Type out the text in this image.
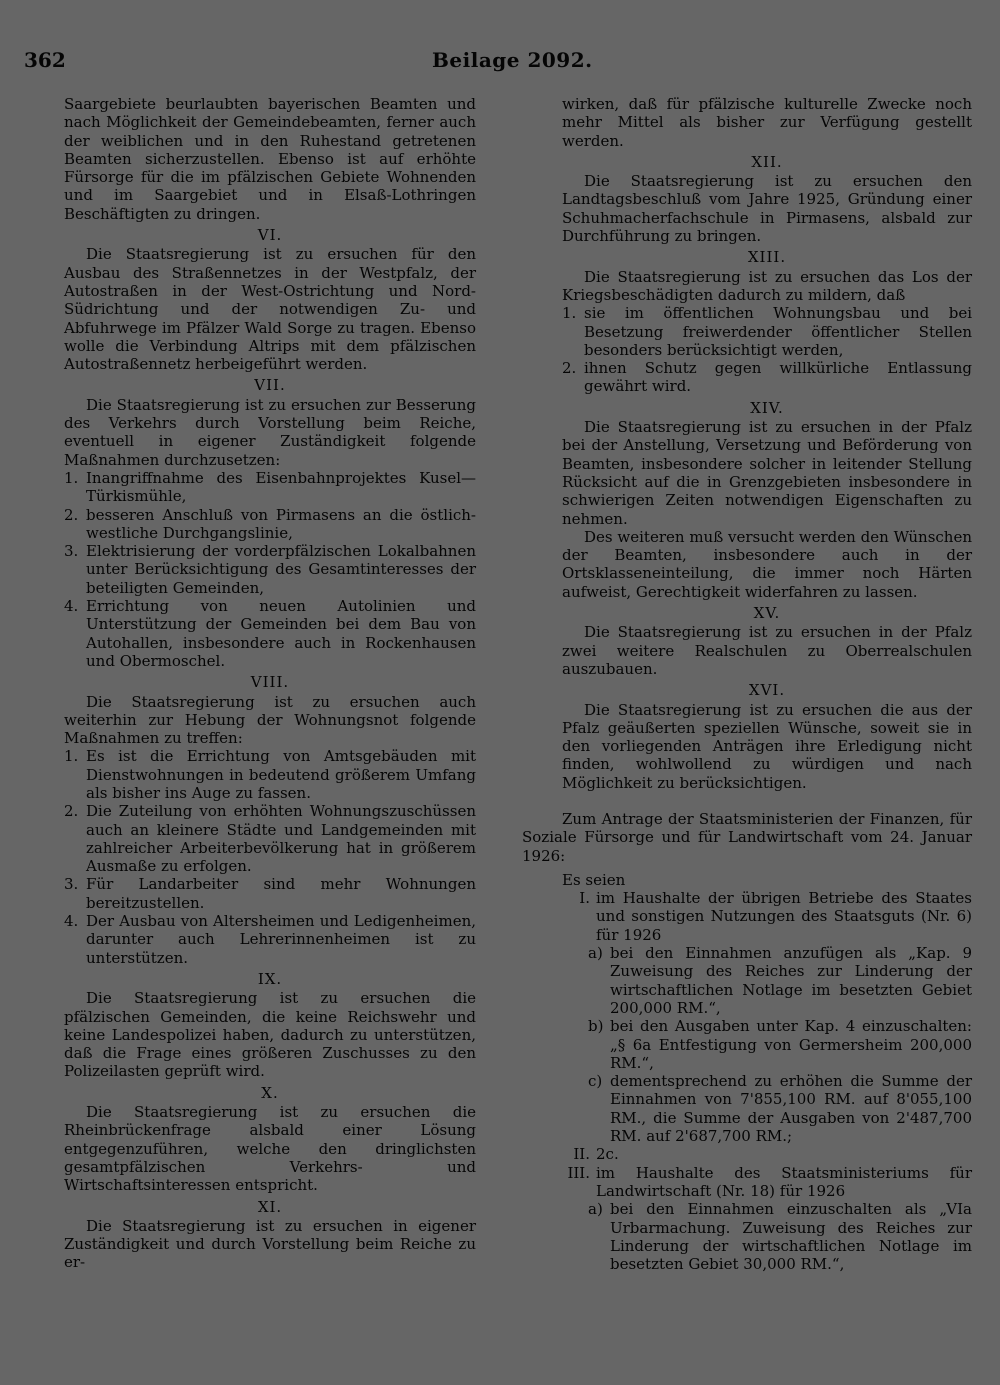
362	Beilage 2092.

Saargebiete beurlaubten bayerischen Beamten und nach Möglichkeit der Gemeindebeamten, ferner auch der weiblichen und in den Ruhestand getretenen Beamten sicherzustellen. Ebenso ist auf erhöhte Fürsorge für die im pfälzischen Gebiete Wohnenden und im Saargebiet und in Elsaß-Lothringen Beschäftigten zu dringen.

VI.

Die Staatsregierung ist zu ersuchen für den Ausbau des Straßennetzes in der Westpfalz, der Autostraßen in der West-Ostrichtung und Nord-Südrichtung und der notwendigen Zu- und Abfuhrwege im Pfälzer Wald Sorge zu tragen. Ebenso wolle die Verbindung Altrips mit dem pfälzischen Autostraßennetz herbeigeführt werden.

VII.

Die Staatsregierung ist zu ersuchen zur Besserung des Verkehrs durch Vorstellung beim Reiche, eventuell in eigener Zuständigkeit folgende Maßnahmen durchzusetzen:

1. Inangriffnahme des Eisenbahnprojektes Kusel—Türkismühle,
2. besseren Anschluß von Pirmasens an die östlich-westliche Durchgangslinie,
3. Elektrisierung der vorderpfälzischen Lokalbahnen unter Berücksichtigung des Gesamtinteresses der beteiligten Gemeinden,
4. Errichtung von neuen Autolinien und Unterstützung der Gemeinden bei dem Bau von Autohallen, insbesondere auch in Rockenhausen und Obermoschel.
VIII.

Die Staatsregierung ist zu ersuchen auch weiterhin zur Hebung der Wohnungsnot folgende Maßnahmen zu treffen:

1. Es ist die Errichtung von Amtsgebäuden mit Dienstwohnungen in bedeutend größerem Umfang als bisher ins Auge zu fassen.
2. Die Zuteilung von erhöhten Wohnungszuschüssen auch an kleinere Städte und Landgemeinden mit zahlreicher Arbeiterbevölkerung hat in größerem Ausmaße zu erfolgen.
3. Für Landarbeiter sind mehr Wohnungen bereitzustellen.
4. Der Ausbau von Altersheimen und Ledigenheimen, darunter auch Lehrerinnenheimen ist zu unterstützen.
IX.

Die Staatsregierung ist zu ersuchen die pfälzischen Gemeinden, die keine Reichswehr und keine Landespolizei haben, dadurch zu unterstützen, daß die Frage eines größeren Zuschusses zu den Polizeilasten geprüft wird.

X.

Die Staatsregierung ist zu ersuchen die Rheinbrückenfrage alsbald einer Lösung entgegenzuführen, welche den dringlichsten gesamtpfälzischen Verkehrs- und Wirtschaftsinteressen entspricht.

XI.

Die Staatsregierung ist zu ersuchen in eigener Zuständigkeit und durch Vorstellung beim Reiche zu er-

wirken, daß für pfälzische kulturelle Zwecke noch mehr Mittel als bisher zur Verfügung gestellt werden.

XII.

Die Staatsregierung ist zu ersuchen den Landtagsbeschluß vom Jahre 1925, Gründung einer Schuhmacherfachschule in Pirmasens, alsbald zur Durchführung zu bringen.

XIII.

Die Staatsregierung ist zu ersuchen das Los der Kriegsbeschädigten dadurch zu mildern, daß

1. sie im öffentlichen Wohnungsbau und bei Besetzung freiwerdender öffentlicher Stellen besonders berücksichtigt werden,
2. ihnen Schutz gegen willkürliche Entlassung gewährt wird.
XIV.

Die Staatsregierung ist zu ersuchen in der Pfalz bei der Anstellung, Versetzung und Beförderung von Beamten, insbesondere solcher in leitender Stellung Rücksicht auf die in Grenzgebieten insbesondere in schwierigen Zeiten notwendigen Eigenschaften zu nehmen.

Des weiteren muß versucht werden den Wünschen der Beamten, insbesondere auch in der Ortsklasseneinteilung, die immer noch Härten aufweist, Gerechtigkeit widerfahren zu lassen.

XV.

Die Staatsregierung ist zu ersuchen in der Pfalz zwei weitere Realschulen zu Oberrealschulen auszubauen.

XVI.

Die Staatsregierung ist zu ersuchen die aus der Pfalz geäußerten speziellen Wünsche, soweit sie in den vorliegenden Anträgen ihre Erledigung nicht finden, wohlwollend zu würdigen und nach Möglichkeit zu berücksichtigen.

Zum Antrage der Staatsministerien der Finanzen, für Soziale Fürsorge und für Landwirtschaft vom 24. Januar 1926:

Es seien

I. im Haushalte der übrigen Betriebe des Staates und sonstigen Nutzungen des Staatsguts (Nr. 6) für 1926
a) bei den Einnahmen anzufügen als „Kap. 9 Zuweisung des Reiches zur Linderung der wirtschaftlichen Notlage im besetzten Gebiet 200,000 RM.“,
b) bei den Ausgaben unter Kap. 4 einzuschalten: „§ 6a Entfestigung von Germersheim 200,000 RM.“,
c) dementsprechend zu erhöhen die Summe der Einnahmen von 7'855,100 RM. auf 8'055,100 RM., die Summe der Ausgaben von 2'487,700 RM. auf 2'687,700 RM.;
II. 2c.
III. im Haushalte des Staatsministeriums für Landwirtschaft (Nr. 18) für 1926
a) bei den Einnahmen einzuschalten als „VIa Urbarmachung. Zuweisung des Reiches zur Linderung der wirtschaftlichen Notlage im besetzten Gebiet 30,000 RM.“,
